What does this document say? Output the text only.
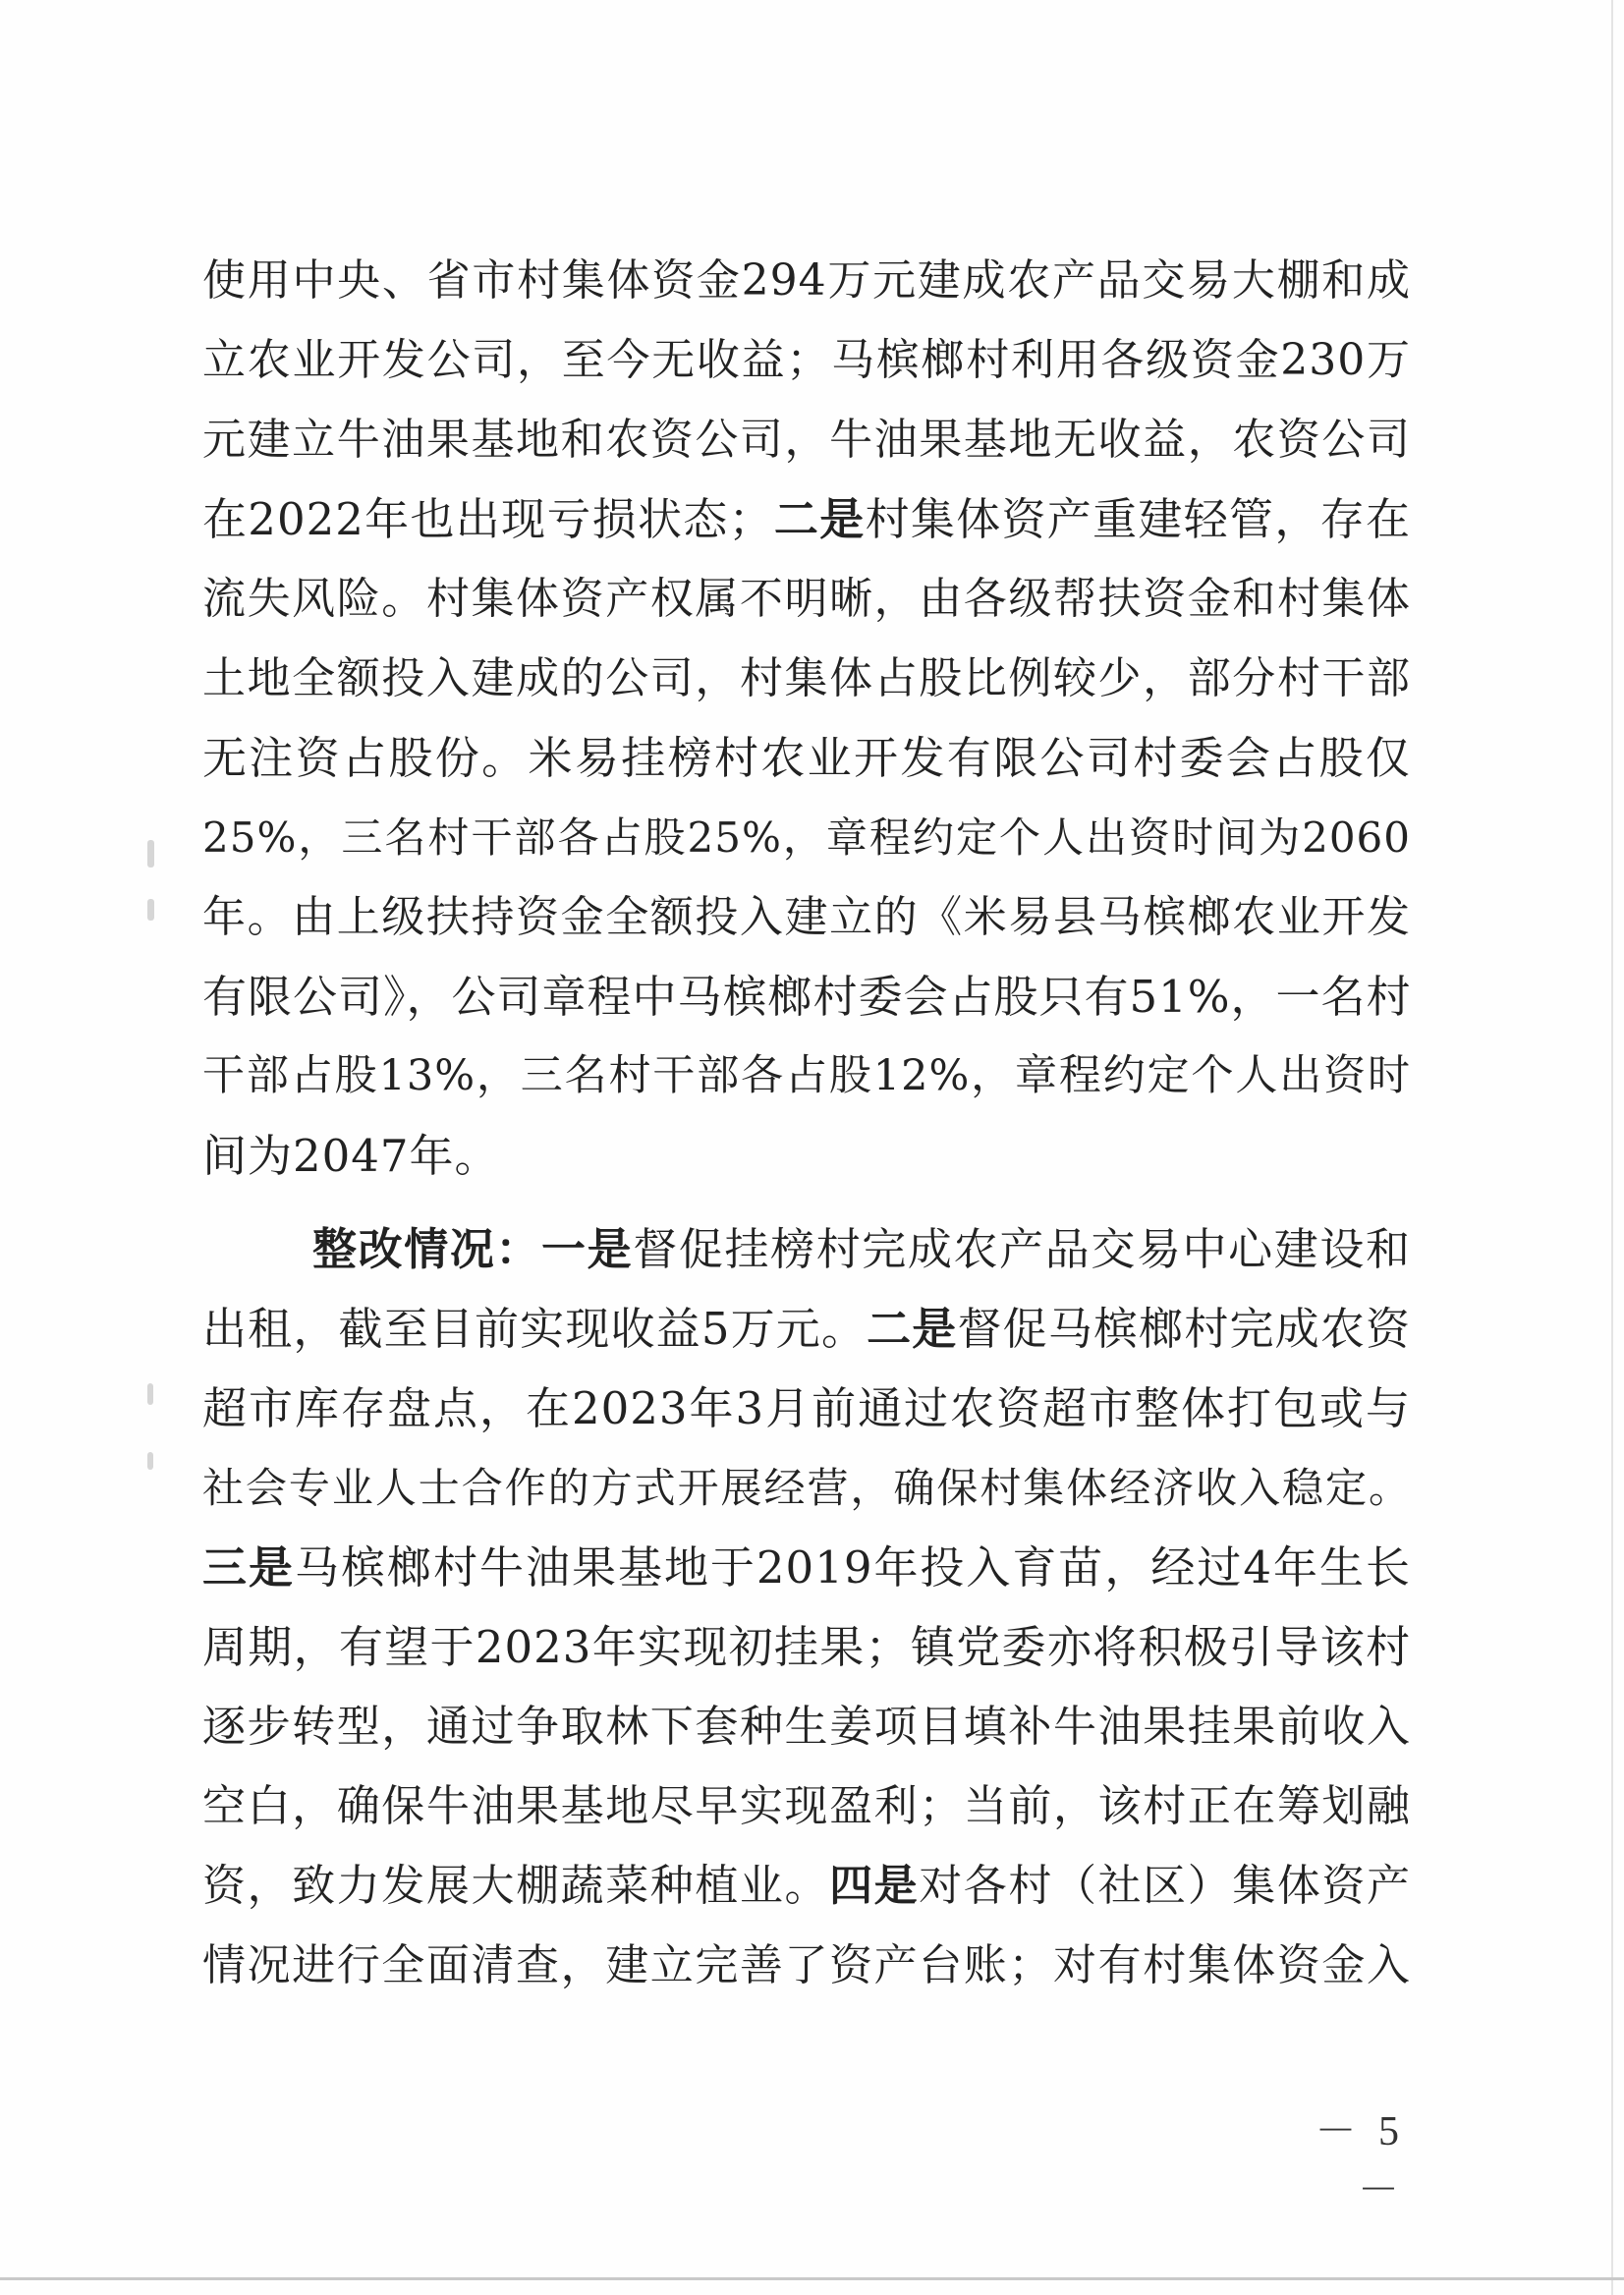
使用中央、省市村集体资金294万元建成农产品交易大棚和成
立农业开发公司，至今无收益；马槟榔村利用各级资金230万
元建立牛油果基地和农资公司，牛油果基地无收益，农资公司
在2022年也出现亏损状态；二是村集体资产重建轻管，存在
流失风险。村集体资产权属不明晰，由各级帮扶资金和村集体
土地全额投入建成的公司，村集体占股比例较少，部分村干部
无注资占股份。米易挂榜村农业开发有限公司村委会占股仅
25%，三名村干部各占股25%，章程约定个人出资时间为2060
年。由上级扶持资金全额投入建立的《米易县马槟榔农业开发
有限公司》，公司章程中马槟榔村委会占股只有51%，一名村
干部占股13%，三名村干部各占股12%，章程约定个人出资时
间为2047年。
整改情况：一是督促挂榜村完成农产品交易中心建设和
出租，截至目前实现收益5万元。二是督促马槟榔村完成农资
超市库存盘点，在2023年3月前通过农资超市整体打包或与
社会专业人士合作的方式开展经营，确保村集体经济收入稳定。
三是马槟榔村牛油果基地于2019年投入育苗，经过4年生长
周期，有望于2023年实现初挂果；镇党委亦将积极引导该村
逐步转型，通过争取林下套种生姜项目填补牛油果挂果前收入
空白，确保牛油果基地尽早实现盈利；当前，该村正在筹划融
资，致力发展大棚蔬菜种植业。四是对各村（社区）集体资产
情况进行全面清查，建立完善了资产台账；对有村集体资金入
－ 5 －
